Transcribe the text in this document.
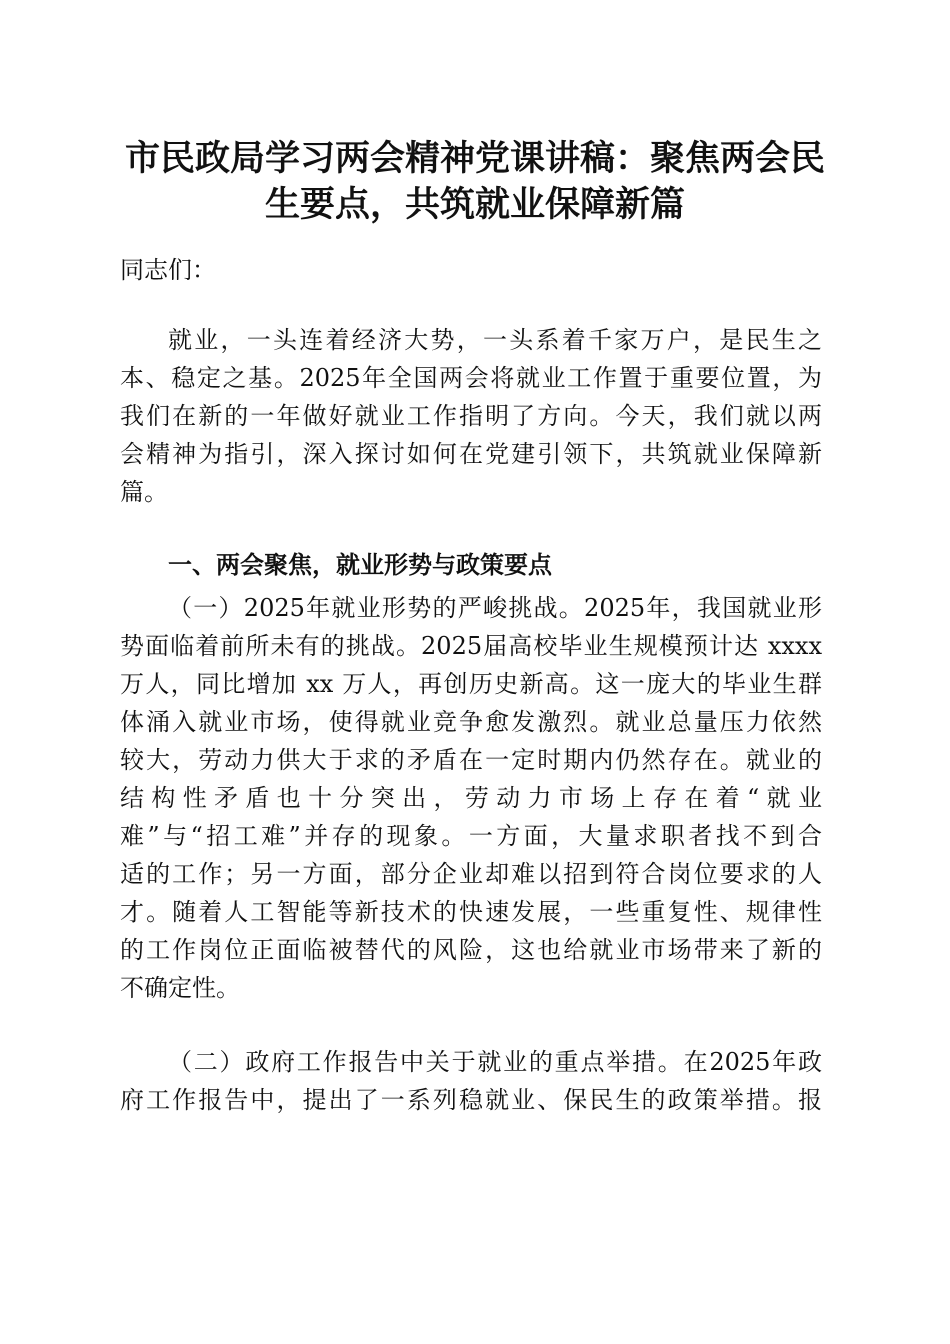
市民政局学习两会精神党课讲稿：聚焦两会民
生要点，共筑就业保障新篇
同志们：
就业，一头连着经济大势，一头系着千家万户，是民生之
本、稳定之基。2025年全国两会将就业工作置于重要位置，为
我们在新的一年做好就业工作指明了方向。今天，我们就以两
会精神为指引，深入探讨如何在党建引领下，共筑就业保障新
篇。
一、两会聚焦，就业形势与政策要点
（一）2025年就业形势的严峻挑战。2025年，我国就业形
势面临着前所未有的挑战。2025届高校毕业生规模预计达 xxxx
万人，同比增加 xx 万人，再创历史新高。这一庞大的毕业生群
体涌入就业市场，使得就业竞争愈发激烈。就业总量压力依然
较大，劳动力供大于求的矛盾在一定时期内仍然存在。就业的
结构性矛盾也十分突出，劳动力市场上存在着“就业
难”与“招工难”并存的现象。一方面，大量求职者找不到合
适的工作；另一方面，部分企业却难以招到符合岗位要求的人
才。随着人工智能等新技术的快速发展，一些重复性、规律性
的工作岗位正面临被替代的风险，这也给就业市场带来了新的
不确定性。
（二）政府工作报告中关于就业的重点举措。在2025年政
府工作报告中，提出了一系列稳就业、保民生的政策举措。报
